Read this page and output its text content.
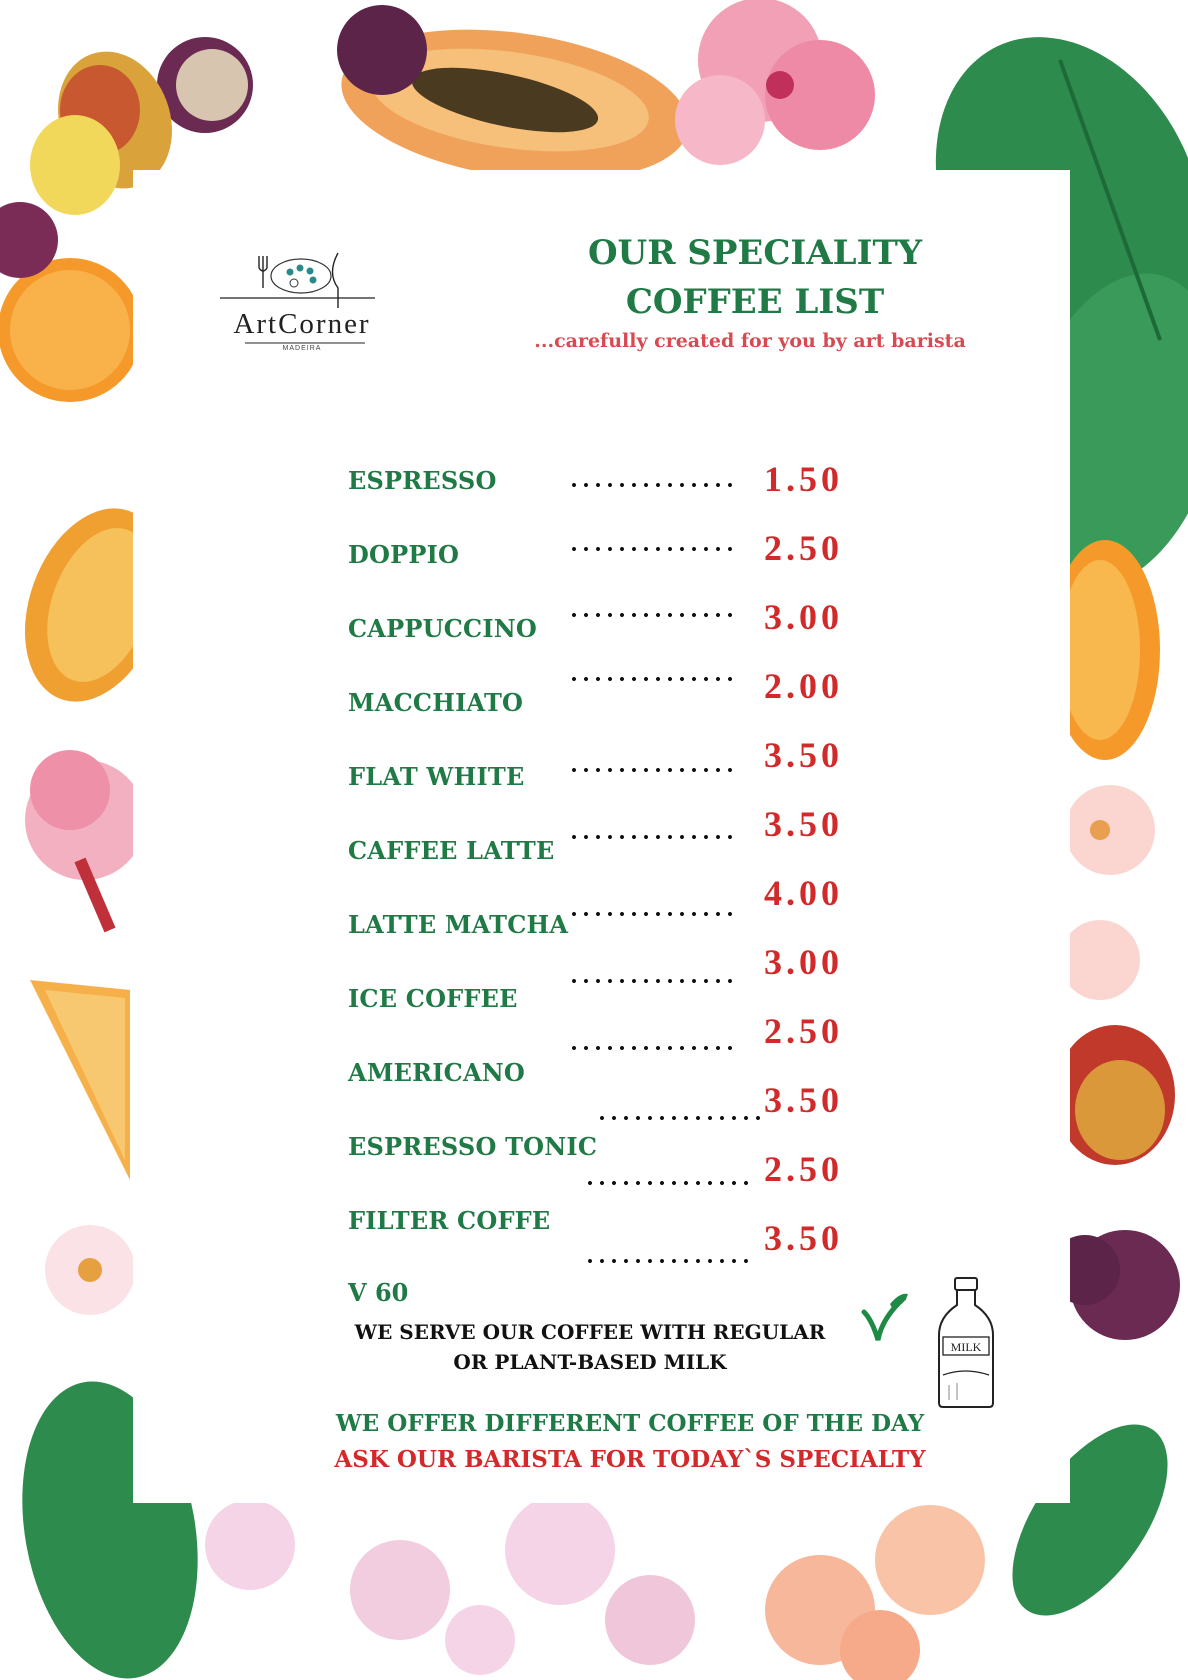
ArtCorner
MADEIRA
OUR SPECIALITY
COFFEE LIST
...carefully created for you by art barista
ESPRESSO
DOPPIO
CAPPUCCINO
MACCHIATO
FLAT WHITE
CAFFEE LATTE
LATTE MATCHA
ICE COFFEE
AMERICANO
ESPRESSO TONIC
FILTER COFFE
1.50
2.50
3.00
2.00
3.50
3.50
4.00
3.00
2.50
3.50
2.50
3.50
V 60
WE SERVE OUR COFFEE WITH REGULAR
OR PLANT-BASED MILK
MILK
WE OFFER DIFFERENT COFFEE OF THE DAY
ASK OUR BARISTA FOR TODAY`S SPECIALTY
